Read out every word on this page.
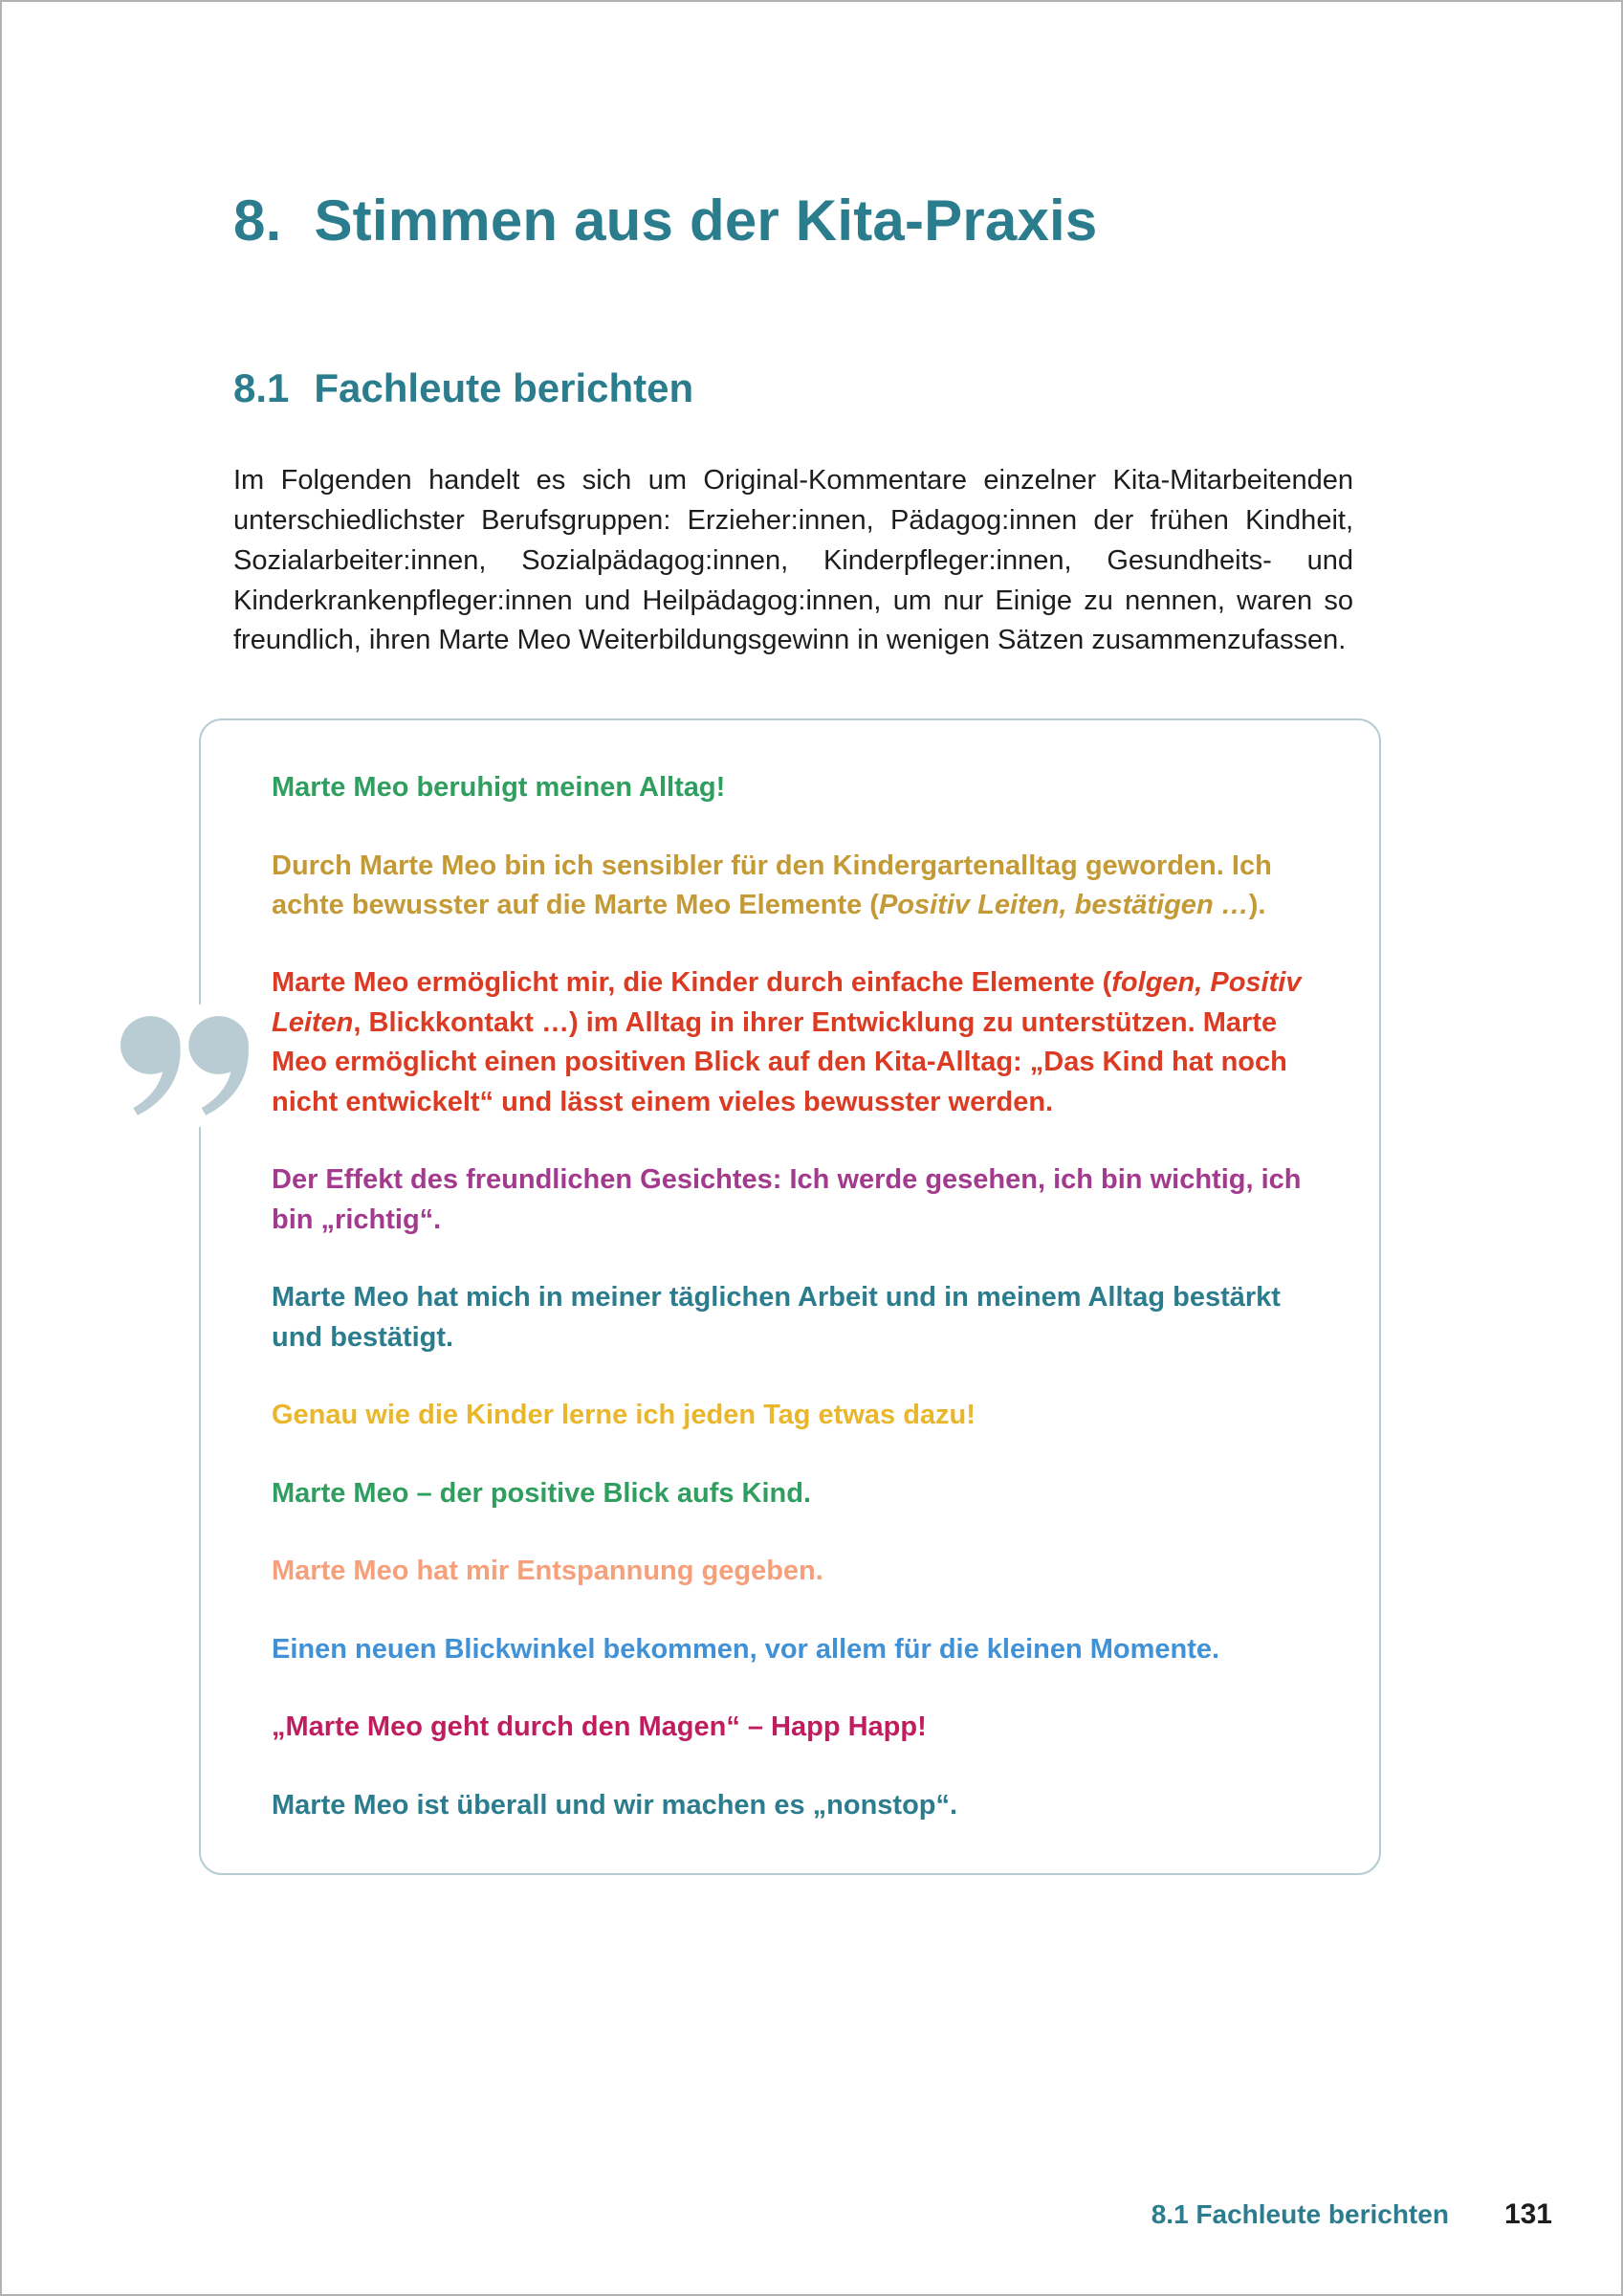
8. Stimmen aus der Kita-Praxis
8.1 Fachleute berichten

Im Folgenden handelt es sich um Original-Kommentare einzelner Kita-Mitarbeitenden unterschiedlichster Berufsgruppen: Erzieher:innen, Pädagog:innen der frühen Kindheit, Sozialarbeiter:innen, Sozialpädagog:innen, Kinderpfleger:innen, Gesundheits- und Kinderkrankenpfleger:innen und Heilpädagog:innen, um nur Einige zu nennen, waren so freundlich, ihren Marte Meo Weiterbildungsgewinn in wenigen Sätzen zusammenzufassen.

Marte Meo beruhigt meinen Alltag!

Durch Marte Meo bin ich sensibler für den Kindergartenalltag geworden. Ich achte bewusster auf die Marte Meo Elemente (Positiv Leiten, bestätigen …).

Marte Meo ermöglicht mir, die Kinder durch einfache Elemente (folgen, Positiv Leiten, Blickkontakt …) im Alltag in ihrer Entwicklung zu unterstützen. Marte Meo ermöglicht einen positiven Blick auf den Kita-Alltag: „Das Kind hat noch nicht entwickelt“ und lässt einem vieles bewusster werden.

Der Effekt des freundlichen Gesichtes: Ich werde gesehen, ich bin wichtig, ich bin „richtig“.

Marte Meo hat mich in meiner täglichen Arbeit und in meinem Alltag bestärkt und bestätigt.

Genau wie die Kinder lerne ich jeden Tag etwas dazu!

Marte Meo – der positive Blick aufs Kind.

Marte Meo hat mir Entspannung gegeben.

Einen neuen Blickwinkel bekommen, vor allem für die kleinen Momente.

„Marte Meo geht durch den Magen“ – Happ Happ!

Marte Meo ist überall und wir machen es „nonstop“.

8.1 Fachleute berichten 131
